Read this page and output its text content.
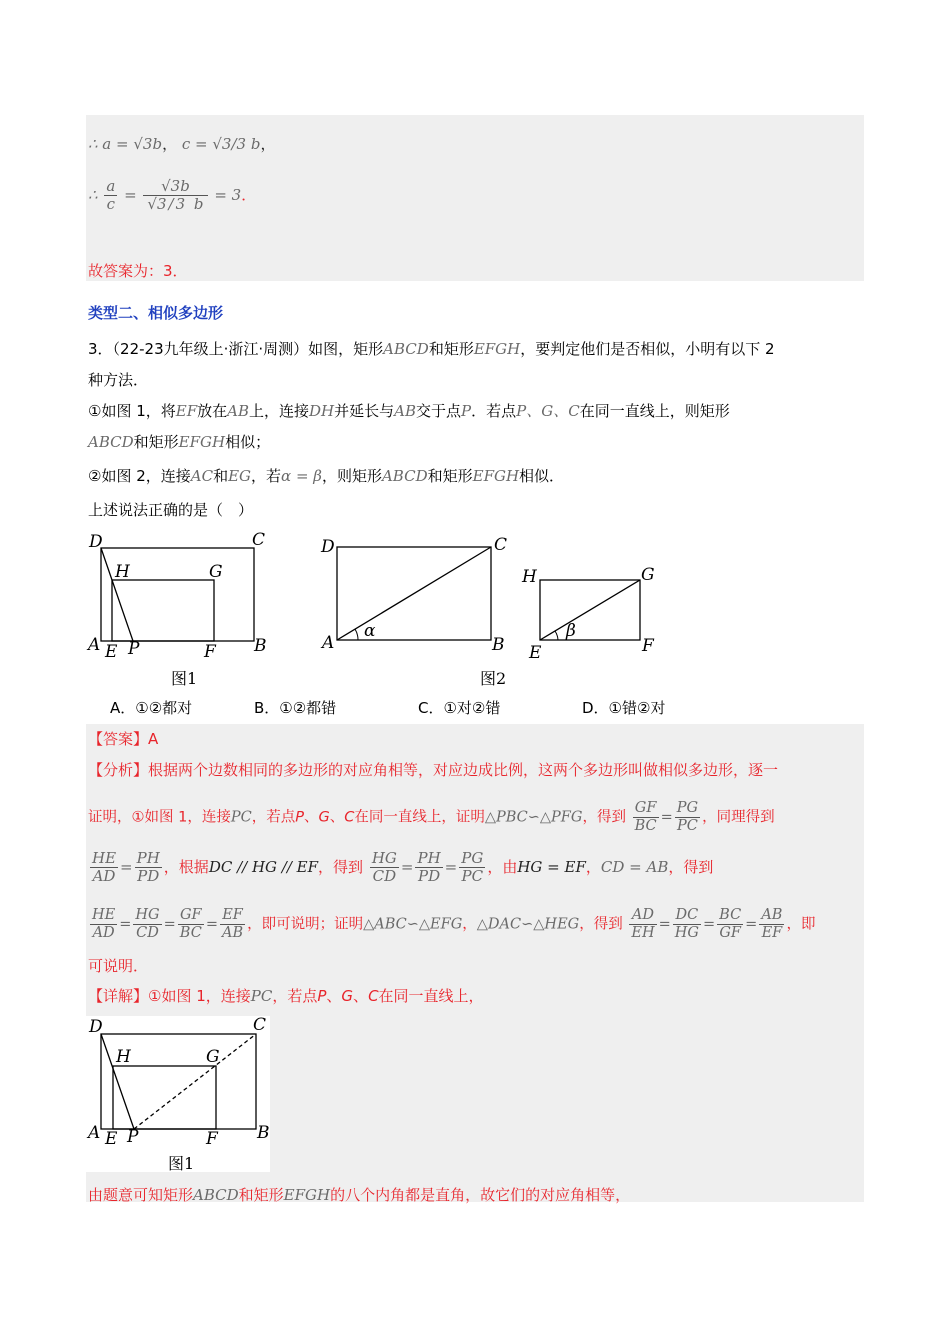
∴ a = √3b， c = √3/3 b，
∴ $\frac{a}{c} = \frac{√3b}{√3 / 3 b} = 3$．
故答案为：3．
类型二、相似多边形
3．（22-23九年级上·浙江·周测）如图，矩形ABCD和矩形EFGH，要判定他们是否相似，小明有以下 2
种方法．
①如图 1，将EF放在AB上，连接DH并延长与AB交于点P．若点P、G、C在同一直线上，则矩形
ABCD和矩形EFGH相似；
②如图 2，连接AC和EG，若α = β，则矩形ABCD和矩形EFGH相似．
上述说法正确的是（　）
D	C
H	G
A E P	F B
图1
D	C
A
α
B
H	G
E
β
F
图2
A．①②都对	B．①②都错	C．①对②错	D．①错②对
【答案】A
【分析】根据两个边数相同的多边形的对应角相等，对应边成比例，这两个多边形叫做相似多边形，逐一
证明，①如图 1，连接PC，若点P、G、C在同一直线上，证明△PBC∽△PFG，得到 $\frac{GF}{BC} = \frac{PG}{PC}$ ，同理得到
$\frac{HE}{AD} = \frac{PH}{PD}$ ，根据DC // HG // EF，得到 $\frac{HG}{CD} = \frac{PH}{PD} = \frac{PG}{PC}$ ，由HG = EF，CD = AB，得到
$\frac{HE}{AD} = \frac{HG}{CD} = \frac{GF}{BC} = \frac{EF}{AB}$ ，即可说明；证明△ABC∽△EFG，△DAC∽△HEG，得到 $\frac{AD}{EH} = \frac{DC}{HG} = \frac{BC}{GF} = \frac{AB}{EF}$ ，即
可说明．
【详解】①如图 1，连接PC，若点P、G、C在同一直线上，
D	C
H	G
A E P	F B
图1
由题意可知矩形ABCD和矩形EFGH的八个内角都是直角，故它们的对应角相等，
